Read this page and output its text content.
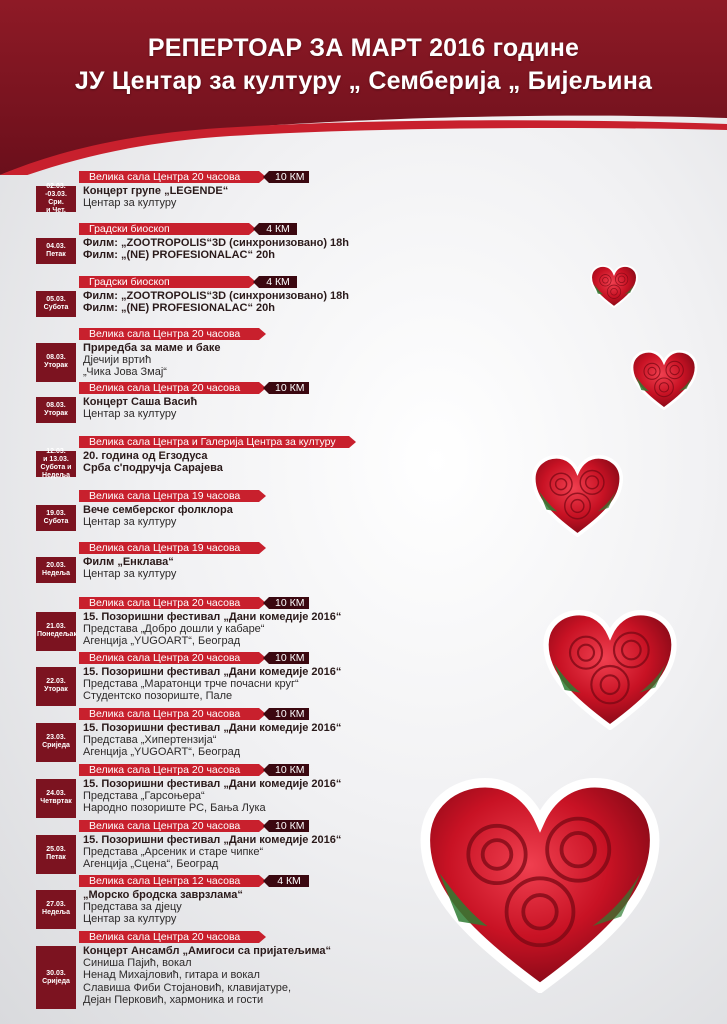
РЕПЕРТОАР ЗА МАРТ 2016 године
ЈУ Центар за културу „ Семберија „ Бијељина
Велика сала Центра 20 часова	10 КМ
02.03.
-03.03.
Сри.
и Чет.
Концерт групе „LEGENDE“
Центар за културу
Градски биоскоп	4 КМ
04.03.
Петак
Филм: „ZOOTROPOLIS“3D (синхронизовано) 18h
Филм: „(NE) PROFESIONALAC“ 20h
Градски биоскоп	4 КМ
05.03.
Субота
Филм: „ZOOTROPOLIS“3D (синхронизовано) 18h
Филм: „(NE) PROFESIONALAC“ 20h
Велика сала Центра 20 часова
08.03.
Уторак
Приредба за маме и баке
Дјечији вртић
„Чика Јова Змај“
Велика сала Центра 20 часова	10 КМ
08.03.
Уторак
Концерт Саша Васић
Центар за културу
Велика сала Центра и Галерија Центра за културу
12.03.
и 13.03.
Субота и
Недеља
20. година од Егзодуса
Срба с'подручја Сарајева
Велика сала Центра 19 часова
19.03.
Субота
Вече семберског фолклора
Центар за културу
Велика сала Центра 19 часова
20.03.
Недеља
Филм „Енклава“
Центар за културу
Велика сала Центра 20 часова	10 КМ
21.03.
Понедељак
15. Позоришни фестивал „Дани комедије 2016“
Представа „Добро дошли у кабаре“
Агенција „YUGOART“, Београд
Велика сала Центра 20 часова	10 КМ
22.03.
Уторак
15. Позоришни фестивал „Дани комедије 2016“
Представа „Маратонци трче почасни круг“
Студентско позориште, Пале
Велика сала Центра 20 часова	10 КМ
23.03.
Сриједа
15. Позоришни фестивал „Дани комедије 2016“
Представа „Хипертензија“
Агенција „YUGOART“, Београд
Велика сала Центра 20 часова	10 КМ
24.03.
Четвртак
15. Позоришни фестивал „Дани комедије 2016“
Представа „Гарсоњера“
Народно позориште РС, Бања Лука
Велика сала Центра 20 часова	10 КМ
25.03.
Петак
15. Позоришни фестивал „Дани комедије 2016“
Представа „Арсеник и старе чипке“
Агенција „Сцена“, Београд
Велика сала Центра 12 часова	4 КМ
27.03.
Недеља
„Морско бродска заврзлама“
Представа за дјецу
Центар за културу
Велика сала Центра 20 часова
30.03.
Сриједа
Концерт Ансамбл „Амигоси са пријатељима“
Синиша Пајић, вокал
Ненад Михајловић, гитара и вокал
Славиша Фиби Стојановић, клавијатуре,
Дејан Перковић, хармоника и гости
